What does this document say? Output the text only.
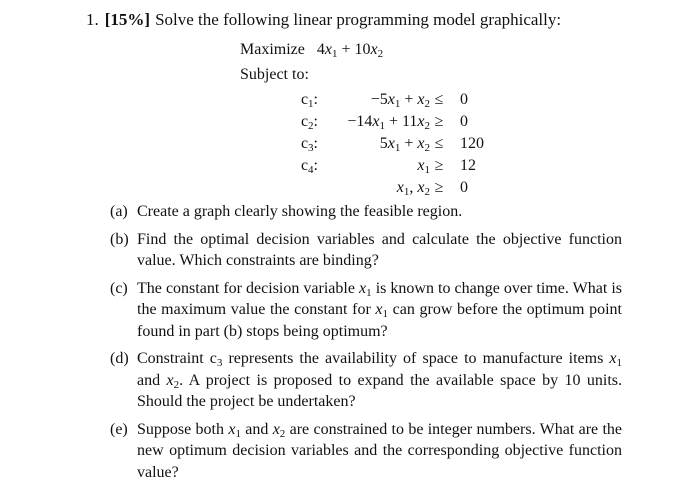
1. [15%] Solve the following linear programming model graphically:
Maximize $4x_1 + 10x_2$
Subject to:
$c_1$:	$-5x_1 + x_2 \le 0$
$c_2$:	$-14x_1 + 11x_2 \ge 0$
$c_3$:	$5x_1 + x_2 \le 120$
$c_4$:	$x_1 \ge 12$
$x_1$, $x_2 \ge 0$
(a) Create a graph clearly showing the feasible region.
(b) Find the optimal decision variables and calculate the objective function value. Which constraints are binding?
(c) The constant for decision variable $x_1$ is known to change over time. What is the maximum value the constant for $x_1$ can grow before the optimum point found in part (b) stops being optimum?
(d) Constraint $c_3$ represents the availability of space to manufacture items $x_1$ and $x_2$. A project is proposed to expand the available space by 10 units. Should the project be undertaken?
(e) Suppose both $x_1$ and $x_2$ are constrained to be integer numbers. What are the new optimum decision variables and the corresponding objective function value?
